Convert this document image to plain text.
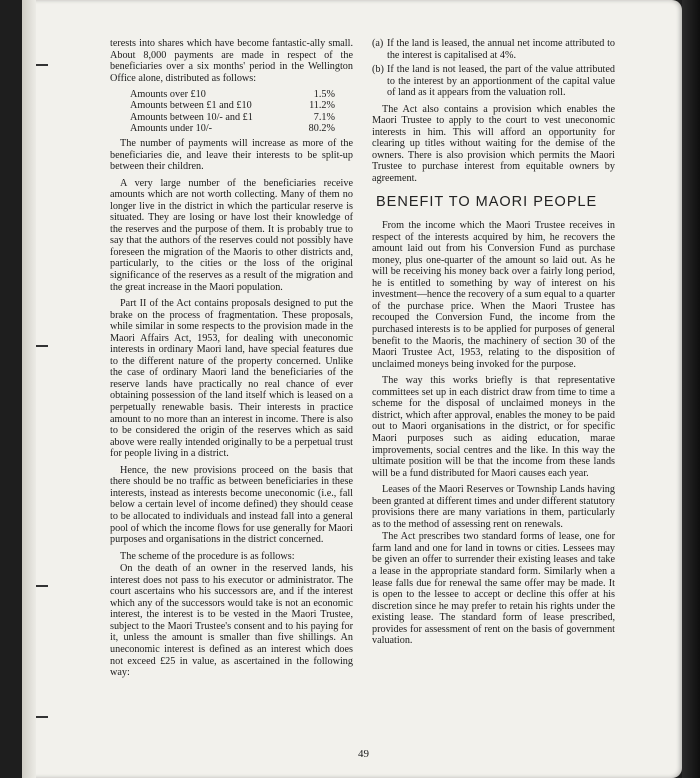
terests into shares which have become fantastic-ally small. About 8,000 payments are made in respect of the beneficiaries over a six months' period in the Wellington Office alone, distributed as follows:

Amounts over £10	1.5%
Amounts between £1 and £10	11.2%
Amounts between 10/- and £1	7.1%
Amounts under 10/-	80.2%

The number of payments will increase as more of the beneficiaries die, and leave their interests to be split-up between their children.

A very large number of the beneficiaries receive amounts which are not worth collecting. Many of them no longer live in the district in which the particular reserve is situated. They are losing or have lost their knowledge of the reserves and the purpose of them. It is probably true to say that the authors of the reserves could not possibly have foreseen the migration of the Maoris to other districts and, particularly, to the cities or the loss of the original significance of the reserves as a result of the migration and the great increase in the Maori population.

Part II of the Act contains proposals designed to put the brake on the process of fragmentation. These proposals, while similar in some respects to the provision made in the Maori Affairs Act, 1953, for dealing with uneconomic interests in ordinary Maori land, have special features due to the different nature of the property concerned. Unlike the case of ordinary Maori land the beneficiaries of the reserve lands have practically no real chance of ever obtaining possession of the land itself which is leased on a perpetually renewable basis. Their interests in practice amount to no more than an interest in income. There is also to be considered the origin of the reserves which as said above were really intended originally to be a perpetual trust for people living in a district.

Hence, the new provisions proceed on the basis that there should be no traffic as between beneficiaries in these interests, instead as interests become uneconomic (i.e., fall below a certain level of income defined) they should cease to be allocated to individuals and instead fall into a general pool of which the income flows for use generally for Maori purposes and organisations in the district concerned.

The scheme of the procedure is as follows:

On the death of an owner in the reserved lands, his interest does not pass to his executor or administrator. The court ascertains who his successors are, and if the interest which any of the successors would take is not an economic interest, the interest is to be vested in the Maori Trustee, subject to the Maori Trustee's consent and to his paying for it, unless the amount is smaller than five shillings. An uneconomic interest is defined as an interest which does not exceed £25 in value, as ascertained in the following way:

(a) If the land is leased, the annual net income attributed to the interest is capitalised at 4%.
(b) If the land is not leased, the part of the value attributed to the interest by an apportionment of the capital value of land as it appears from the valuation roll.

The Act also contains a provision which enables the Maori Trustee to apply to the court to vest uneconomic interests in him. This will afford an opportunity for clearing up titles without waiting for the demise of the owners. There is also provision which permits the Maori Trustee to purchase interest from equitable owners by agreement.

BENEFIT TO MAORI PEOPLE

From the income which the Maori Trustee receives in respect of the interests acquired by him, he recovers the amount laid out from his Conversion Fund as purchase money, plus one-quarter of the amount so laid out. As he will be receiving his money back over a fairly long period, he is entitled to something by way of interest on his investment—hence the recovery of a sum equal to a quarter of the purchase price. When the Maori Trustee has recouped the Conversion Fund, the income from the purchased interests is to be applied for purposes of general benefit to the Maoris, the machinery of section 30 of the Maori Trustee Act, 1953, relating to the disposition of unclaimed moneys being invoked for the purpose.

The way this works briefly is that representative committees set up in each district draw from time to time a scheme for the disposal of unclaimed moneys in the district, which after approval, enables the money to be paid out to Maori organisations in the district, or for specific Maori purposes such as aiding education, marae improvements, social centres and the like. In this way the ultimate position will be that the income from these lands will be a fund distributed for Maori causes each year.

Leases of the Maori Reserves or Township Lands having been granted at different times and under different statutory provisions there are many variations in them, particularly as to the method of assessing rent on renewals.

The Act prescribes two standard forms of lease, one for farm land and one for land in towns or cities. Lessees may be given an offer to surrender their existing leases and take a lease in the appropriate standard form. Similarly when a lease falls due for renewal the same offer may be made. It is open to the lessee to accept or decline this offer at his discretion since he may prefer to retain his rights under the existing lease. The standard form of lease prescribed, provides for assessment of rent on the basis of government valuation.

49
